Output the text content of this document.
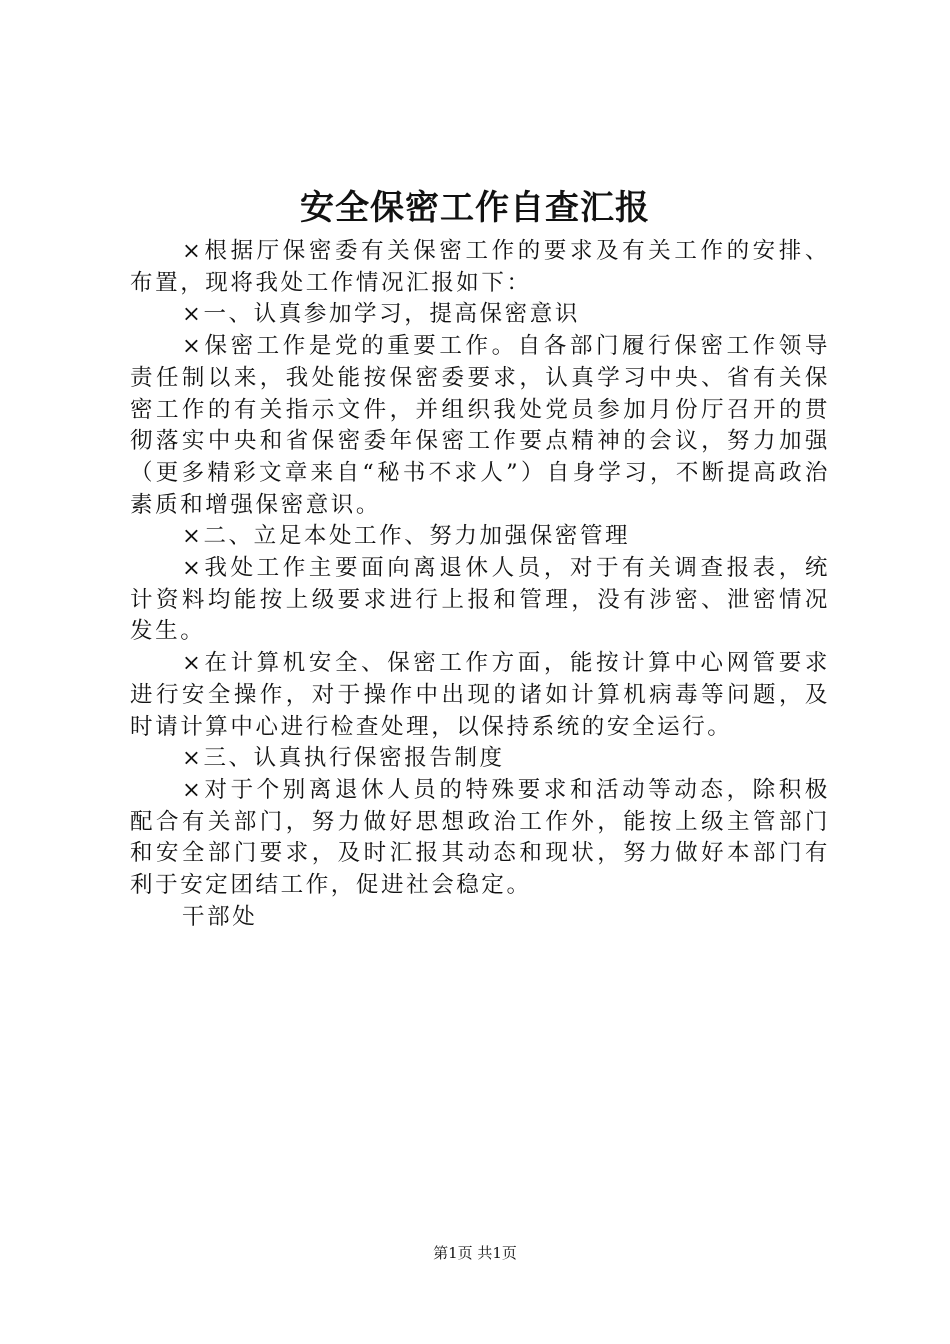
安全保密工作自查汇报

×根据厅保密委有关保密工作的要求及有关工作的安排、布置，现将我处工作情况汇报如下：

×一、认真参加学习，提高保密意识

×保密工作是党的重要工作。自各部门履行保密工作领导责任制以来，我处能按保密委要求，认真学习中央、省有关保密工作的有关指示文件，并组织我处党员参加月份厅召开的贯彻落实中央和省保密委年保密工作要点精神的会议，努力加强（更多精彩文章来自“秘书不求人”）自身学习，不断提高政治素质和增强保密意识。

×二、立足本处工作、努力加强保密管理

×我处工作主要面向离退休人员，对于有关调查报表，统计资料均能按上级要求进行上报和管理，没有涉密、泄密情况发生。

×在计算机安全、保密工作方面，能按计算中心网管要求进行安全操作，对于操作中出现的诸如计算机病毒等问题，及时请计算中心进行检查处理，以保持系统的安全运行。

×三、认真执行保密报告制度

×对于个别离退休人员的特殊要求和活动等动态，除积极配合有关部门，努力做好思想政治工作外，能按上级主管部门和安全部门要求，及时汇报其动态和现状，努力做好本部门有利于安定团结工作，促进社会稳定。

干部处

第1页 共1页
